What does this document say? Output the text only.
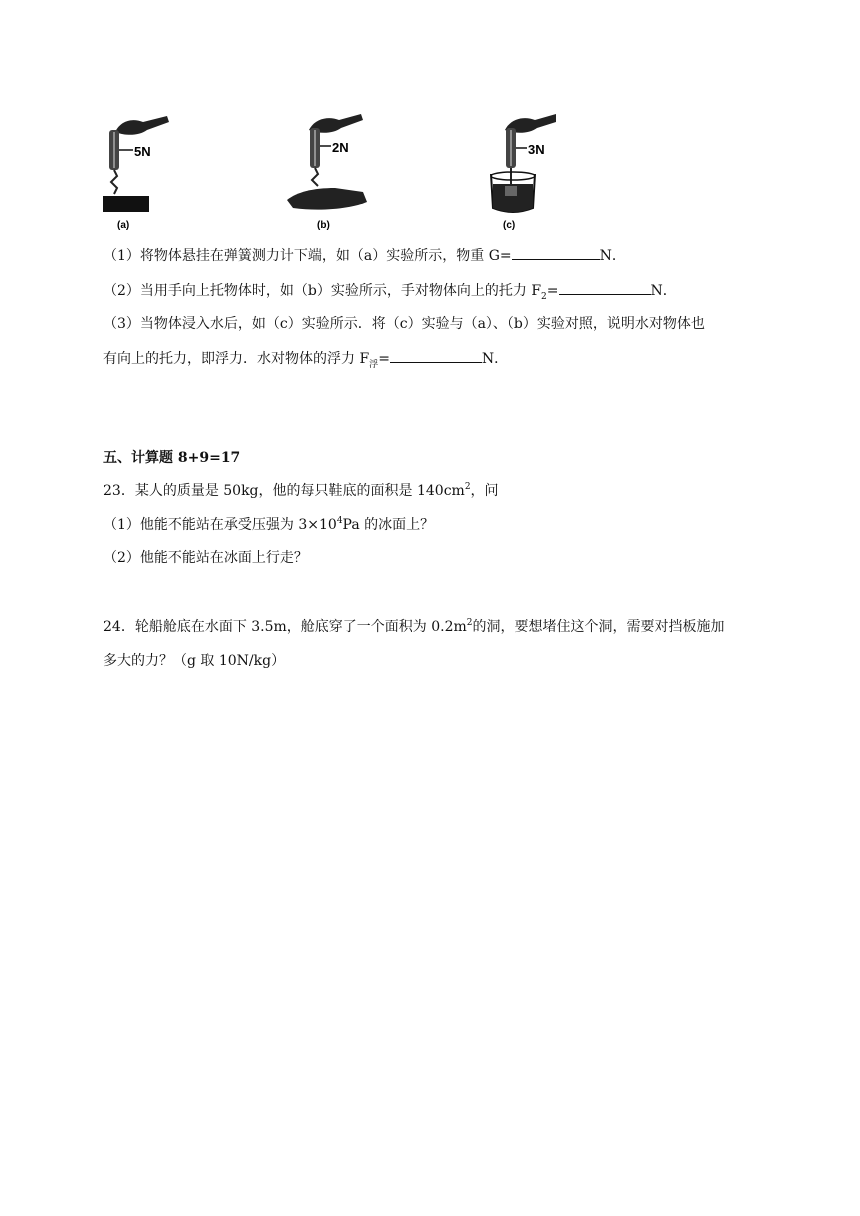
5N
(a)
2N
(b)
3N
(c)
（1）将物体悬挂在弹簧测力计下端，如（a）实验所示，物重 G=	N．
（2）当用手向上托物体时，如（b）实验所示，手对物体向上的托力 $F_2=$	N．
（3）当物体浸入水后，如（c）实验所示．将（c）实验与（a）、（b）实验对照，说明水对物体也
有向上的托力，即浮力．水对物体的浮力 $F_浮=$	N．
五、计算题 8+9=17
23．某人的质量是 50kg，他的每只鞋底的面积是 $140cm^2$，问
（1）他能不能站在承受压强为 $3\times 10^4Pa$ 的冰面上？
（2）他能不能站在冰面上行走？
24．轮船舱底在水面下 3.5m，舱底穿了一个面积为 $0.2m^2$的洞，要想堵住这个洞，需要对挡板施加
多大的力？（g 取 10N/kg）
